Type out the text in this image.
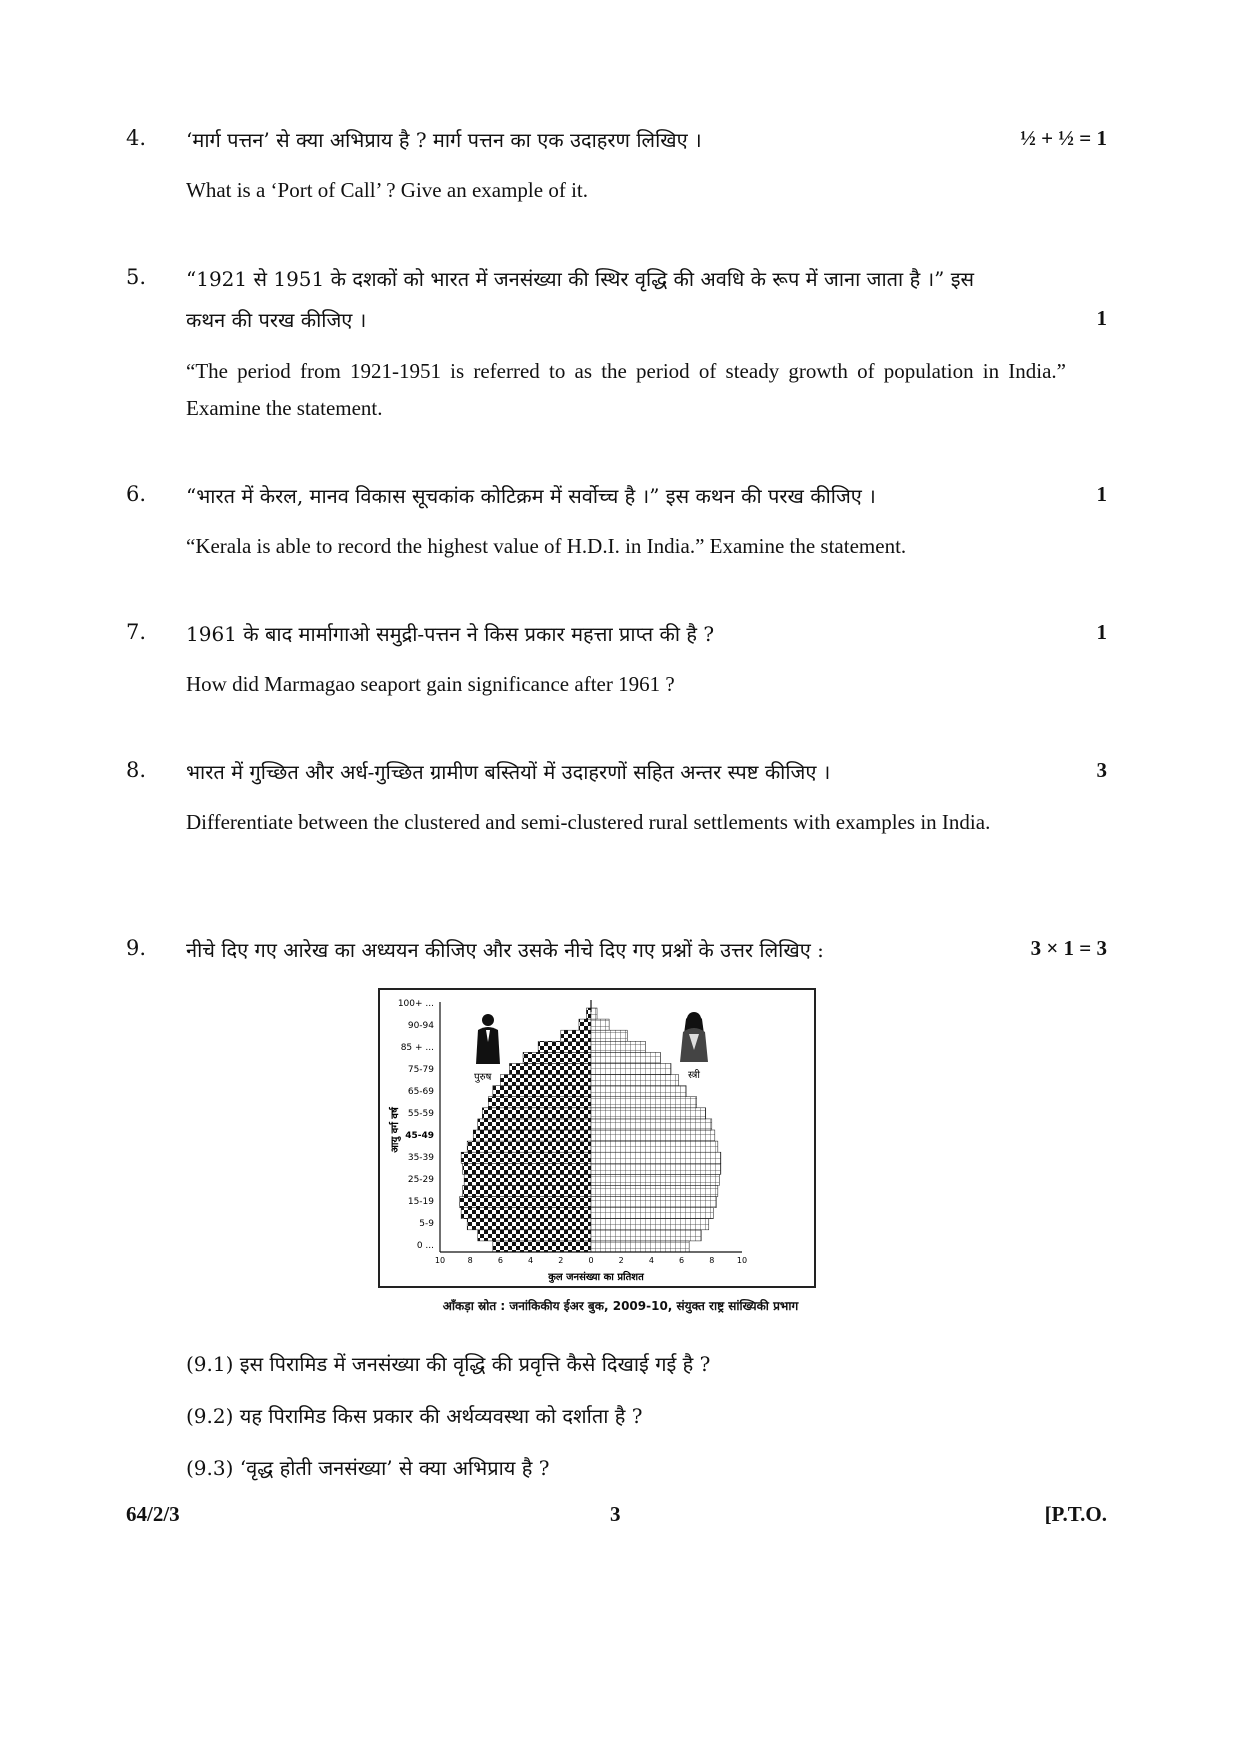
4. ‘मार्ग पत्तन’ से क्या अभिप्राय है ? मार्ग पत्तन का एक उदाहरण लिखिए ।	½ + ½ = 1
What is a ‘Port of Call’ ? Give an example of it.
5. “1921 से 1951 के दशकों को भारत में जनसंख्या की स्थिर वृद्धि की अवधि के रूप में जाना जाता है ।” इस
कथन की परख कीजिए ।	1
“The period from 1921-1951 is referred to as the period of steady growth of population in India.” Examine the statement.
6. “भारत में केरल, मानव विकास सूचकांक कोटिक्रम में सर्वोच्च है ।” इस कथन की परख कीजिए ।	1
“Kerala is able to record the highest value of H.D.I. in India.” Examine the statement.
7. 1961 के बाद मार्मागाओ समुद्री-पत्तन ने किस प्रकार महत्ता प्राप्त की है ?	1
How did Marmagao seaport gain significance after 1961 ?
8. भारत में गुच्छित और अर्ध-गुच्छित ग्रामीण बस्तियों में उदाहरणों सहित अन्तर स्पष्ट कीजिए ।	3
Differentiate between the clustered and semi-clustered rural settlements with examples in India.
9. नीचे दिए गए आरेख का अध्ययन कीजिए और उसके नीचे दिए गए प्रश्नों के उत्तर लिखिए :	3 × 1 = 3
0 ...
5-9
15-19
25-29
35-39
45-49
55-59
65-69
75-79
85 + ...
90-94
100+ ...
10	8	6	4	2	0	2	4	6	8	10
पुरुष	स्त्री
आयु वर्ग वर्ष
कुल जनसंख्या का प्रतिशत
आँकड़ा स्रोत : जनांकिकीय ईअर बुक, 2009-10, संयुक्त राष्ट्र सांख्यिकी प्रभाग
(9.1) इस पिरामिड में जनसंख्या की वृद्धि की प्रवृत्ति कैसे दिखाई गई है ?
(9.2) यह पिरामिड किस प्रकार की अर्थव्यवस्था को दर्शाता है ?
(9.3) ‘वृद्ध होती जनसंख्या’ से क्या अभिप्राय है ?
64/2/3	3	[P.T.O.
